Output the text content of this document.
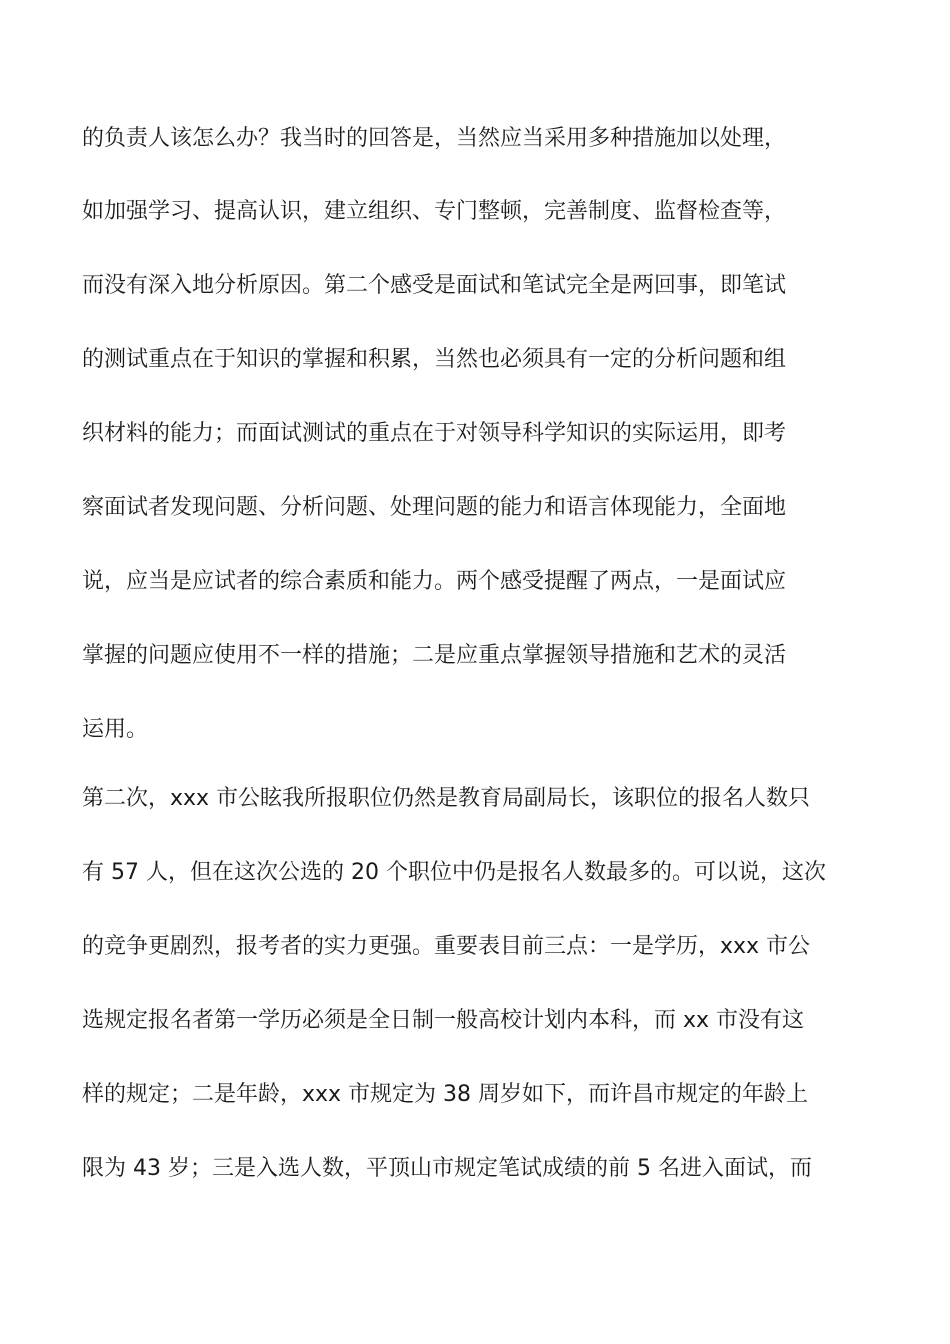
的负责人该怎么办？我当时的回答是，当然应当采用多种措施加以处理，
如加强学习、提高认识，建立组织、专门整顿，完善制度、监督检查等，
而没有深入地分析原因。第二个感受是面试和笔试完全是两回事，即笔试
的测试重点在于知识的掌握和积累，当然也必须具有一定的分析问题和组
织材料的能力；而面试测试的重点在于对领导科学知识的实际运用，即考
察面试者发现问题、分析问题、处理问题的能力和语言体现能力，全面地
说，应当是应试者的综合素质和能力。两个感受提醒了两点，一是面试应
掌握的问题应使用不一样的措施；二是应重点掌握领导措施和艺术的灵活
运用。
第二次，xxx 市公眩我所报职位仍然是教育局副局长，该职位的报名人数只
有 57 人，但在这次公选的 20 个职位中仍是报名人数最多的。可以说，这次
的竞争更剧烈，报考者的实力更强。重要表目前三点：一是学历，xxx 市公
选规定报名者第一学历必须是全日制一般高校计划内本科，而 xx 市没有这
样的规定；二是年龄，xxx 市规定为 38 周岁如下，而许昌市规定的年龄上
限为 43 岁；三是入选人数，平顶山市规定笔试成绩的前 5 名进入面试，而
